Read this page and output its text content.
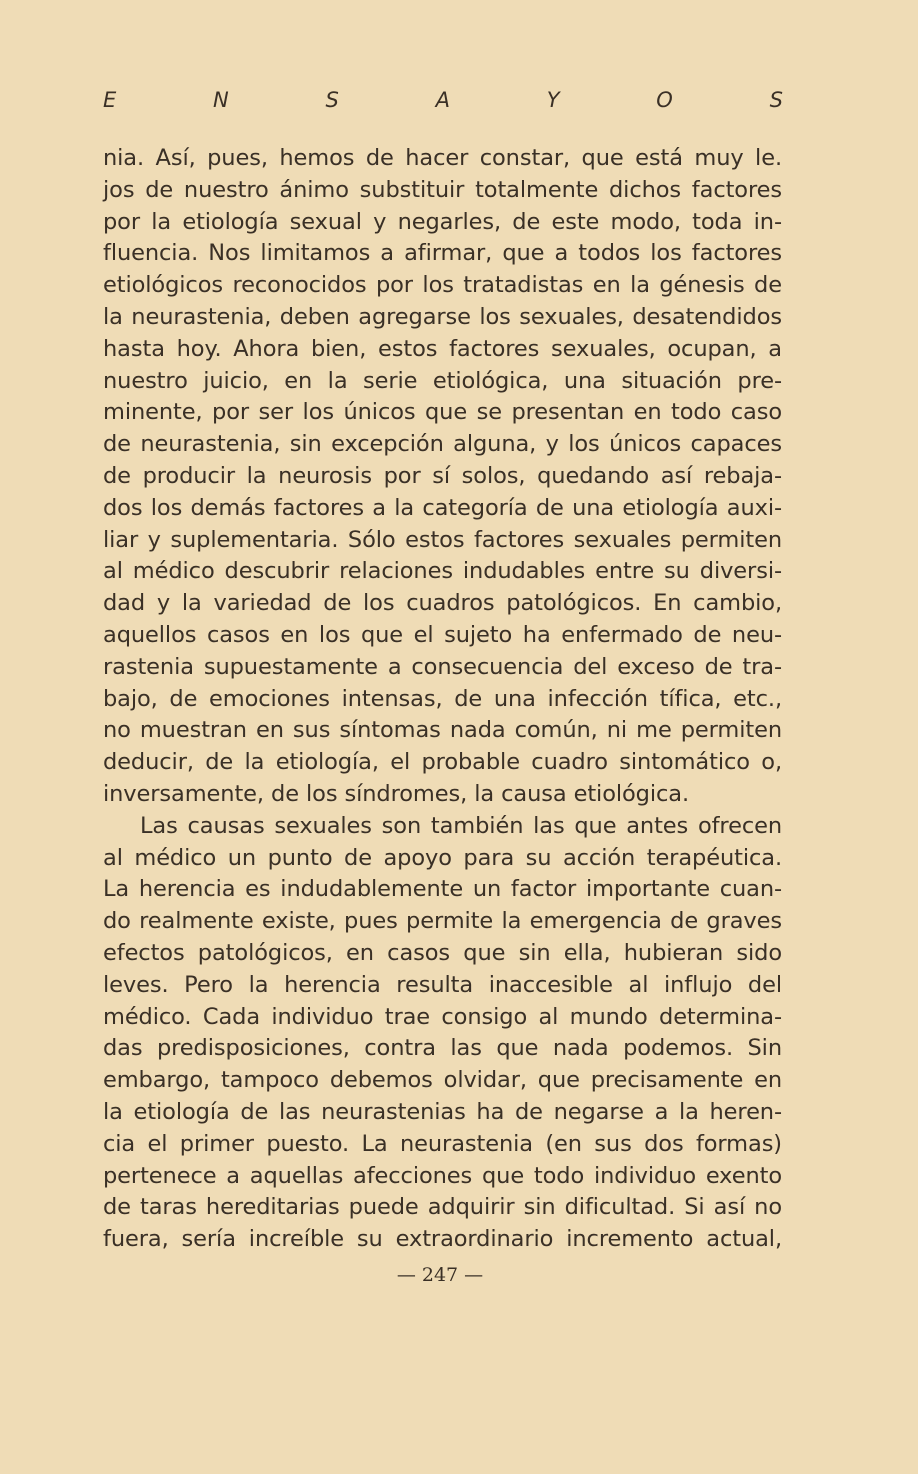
E	N	S	A	Y	O	S
nia. Así, pues, hemos de hacer constar, que está muy le.
jos de nuestro ánimo substituir totalmente dichos factores
por la etiología sexual y negarles, de este modo, toda in-
fluencia. Nos limitamos a afirmar, que a todos los factores
etiológicos reconocidos por los tratadistas en la génesis de
la neurastenia, deben agregarse los sexuales, desatendidos
hasta hoy. Ahora bien, estos factores sexuales, ocupan, a
nuestro juicio, en la serie etiológica, una situación pre-
minente, por ser los únicos que se presentan en todo caso
de neurastenia, sin excepción alguna, y los únicos capaces
de producir la neurosis por sí solos, quedando así rebaja-
dos los demás factores a la categoría de una etiología auxi-
liar y suplementaria. Sólo estos factores sexuales permiten
al médico descubrir relaciones indudables entre su diversi-
dad y la variedad de los cuadros patológicos. En cambio,
aquellos casos en los que el sujeto ha enfermado de neu-
rastenia supuestamente a consecuencia del exceso de tra-
bajo, de emociones intensas, de una infección tífica, etc.,
no muestran en sus síntomas nada común, ni me permiten
deducir, de la etiología, el probable cuadro sintomático o,
inversamente, de los síndromes, la causa etiológica.
Las causas sexuales son también las que antes ofrecen
al médico un punto de apoyo para su acción terapéutica.
La herencia es indudablemente un factor importante cuan-
do realmente existe, pues permite la emergencia de graves
efectos patológicos, en casos que sin ella, hubieran sido
leves. Pero la herencia resulta inaccesible al influjo del
médico. Cada individuo trae consigo al mundo determina-
das predisposiciones, contra las que nada podemos. Sin
embargo, tampoco debemos olvidar, que precisamente en
la etiología de las neurastenias ha de negarse a la heren-
cia el primer puesto. La neurastenia (en sus dos formas)
pertenece a aquellas afecciones que todo individuo exento
de taras hereditarias puede adquirir sin dificultad. Si así no
fuera, sería increíble su extraordinario incremento actual,
— 247 —
